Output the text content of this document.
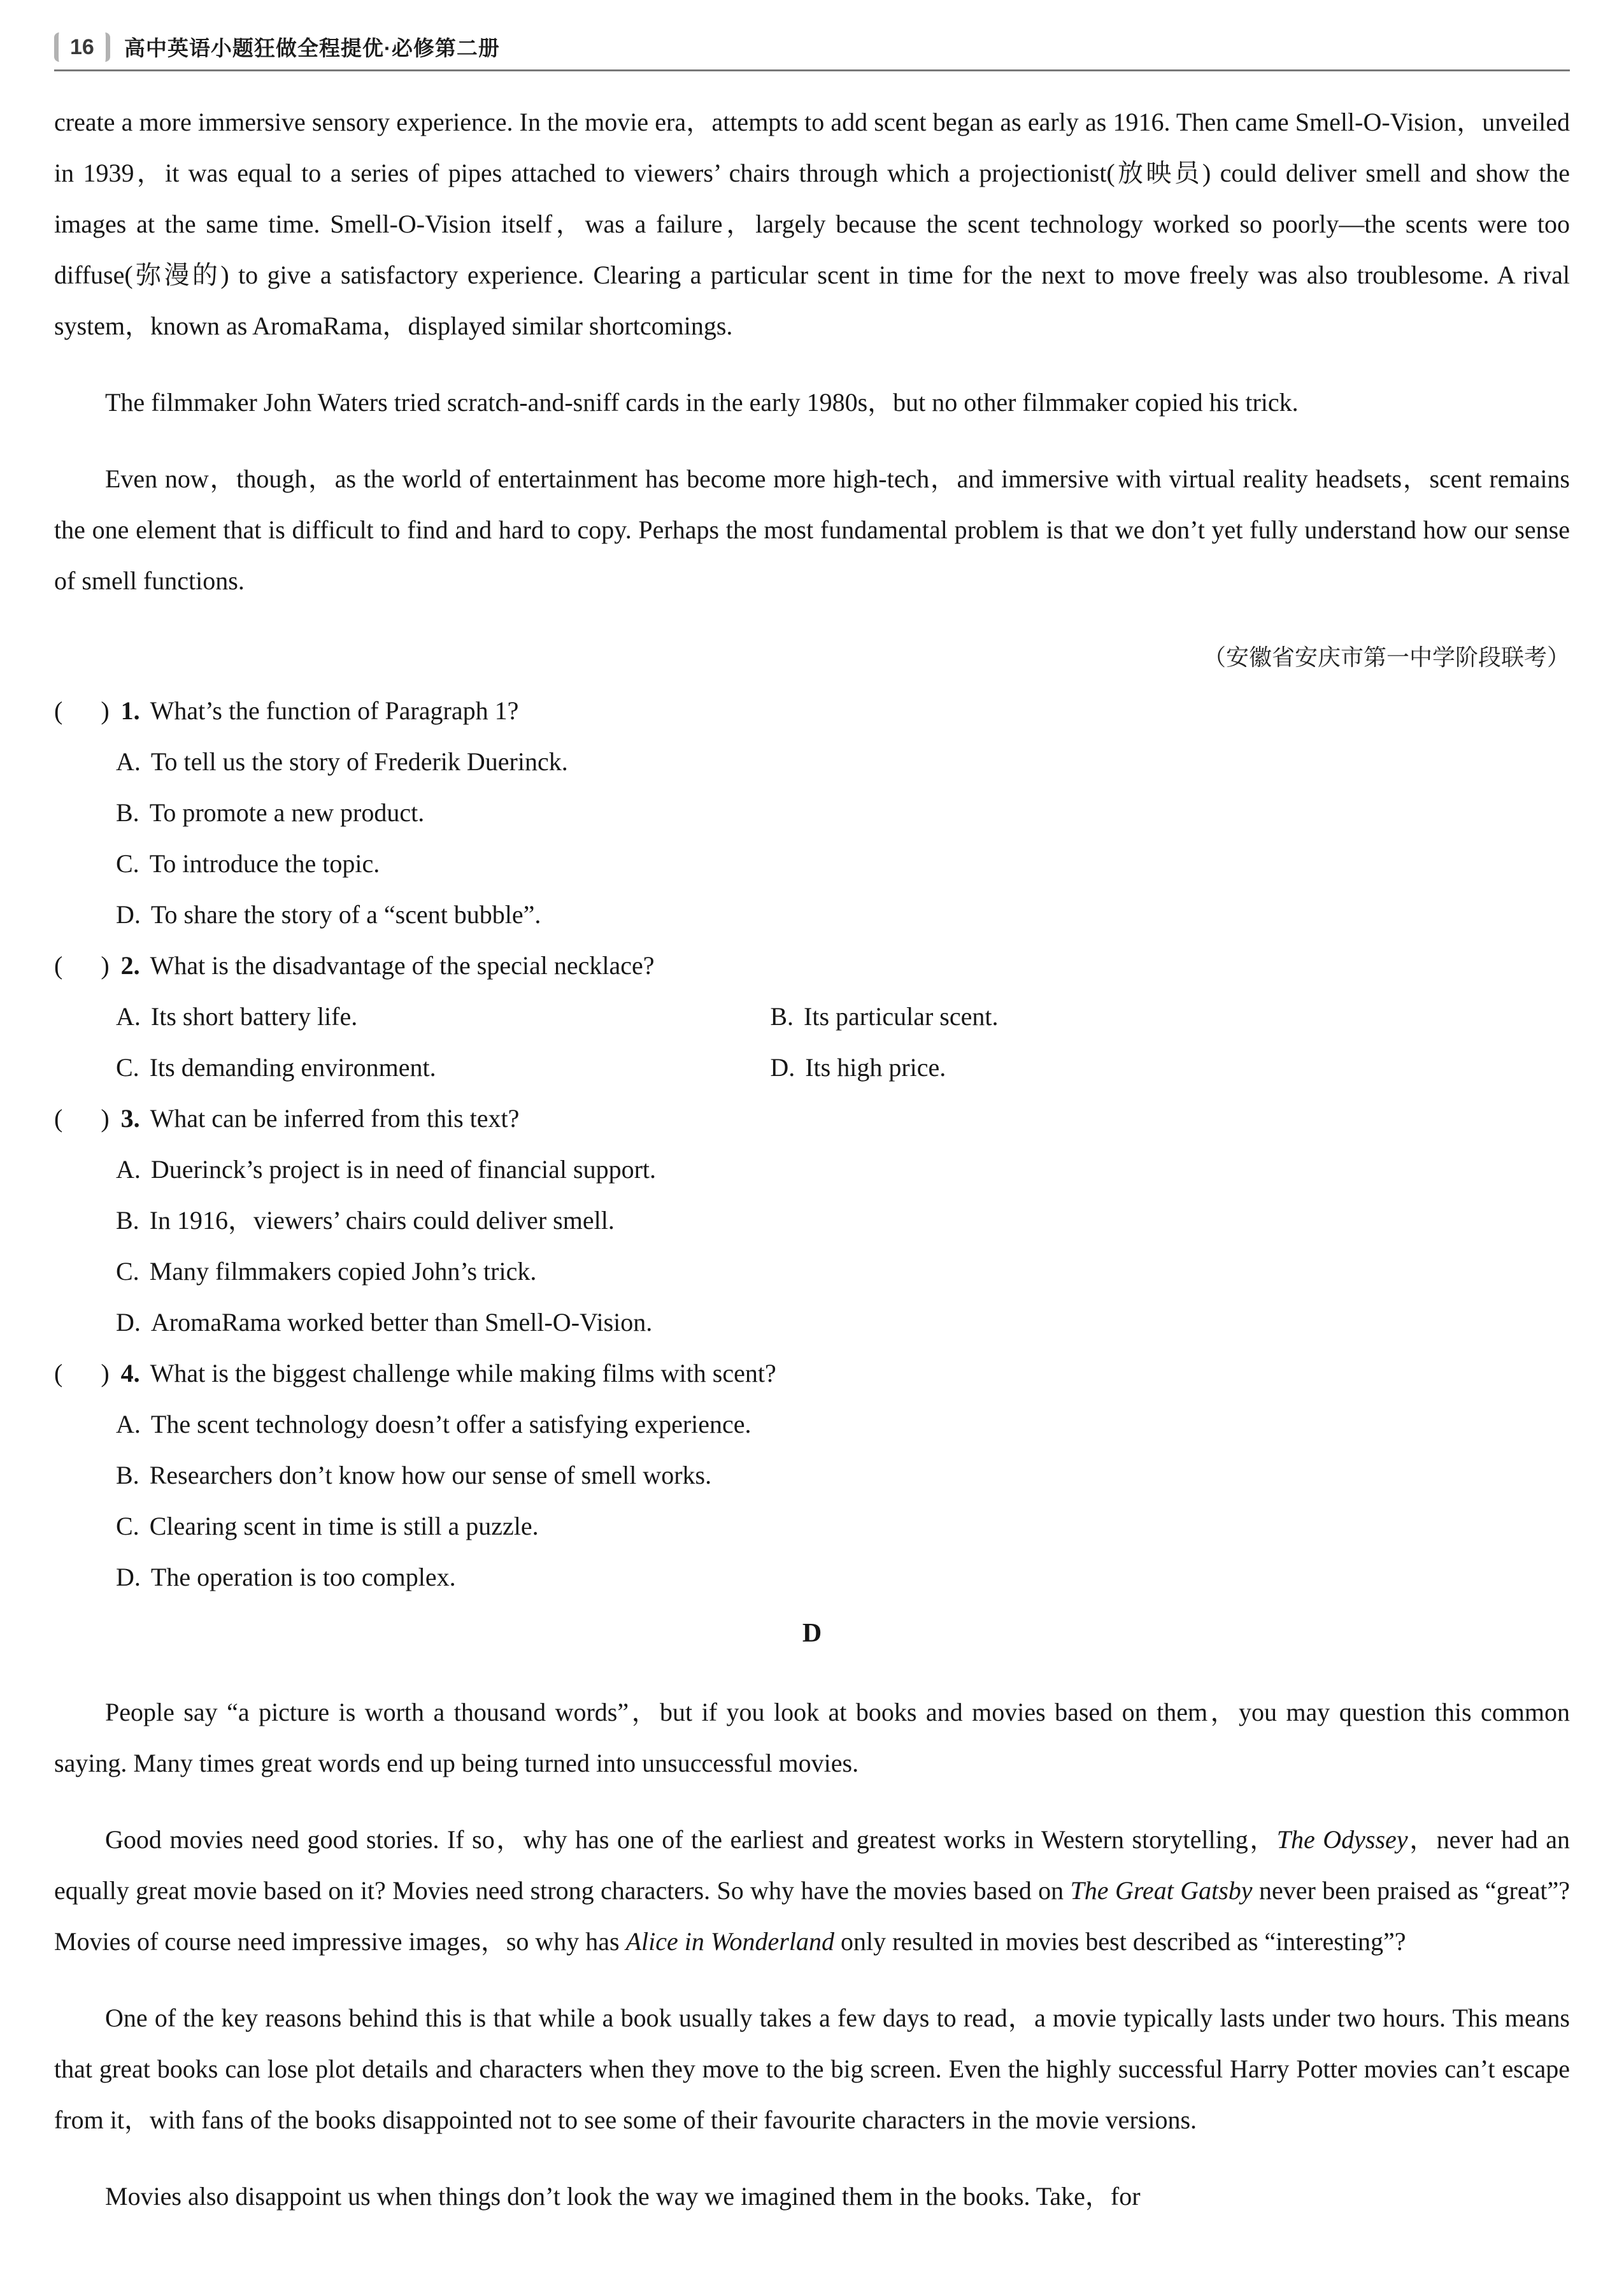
16	高中英语小题狂做全程提优·必修第二册

create a more immersive sensory experience. In the movie era，attempts to add scent began as early as 1916. Then came Smell-O-Vision，unveiled in 1939，it was equal to a series of pipes attached to viewers’ chairs through which a projectionist(放映员) could deliver smell and show the images at the same time. Smell-O-Vision itself，was a failure，largely because the scent technology worked so poorly—the scents were too diffuse(弥漫的) to give a satisfactory experience. Clearing a particular scent in time for the next to move freely was also troublesome. A rival system，known as AromaRama，displayed similar shortcomings.

The filmmaker John Waters tried scratch-and-sniff cards in the early 1980s，but no other filmmaker copied his trick.

Even now，though，as the world of entertainment has become more high-tech，and immersive with virtual reality headsets，scent remains the one element that is difficult to find and hard to copy. Perhaps the most fundamental problem is that we don’t yet fully understand how our sense of smell functions.

（安徽省安庆市第一中学阶段联考）
(   ) 1. What’s the function of Paragraph 1?
A. To tell us the story of Frederik Duerinck.
B. To promote a new product.
C. To introduce the topic.
D. To share the story of a “scent bubble”.
(   ) 2. What is the disadvantage of the special necklace?
A. Its short battery life.	B. Its particular scent.
C. Its demanding environment.	D. Its high price.
(   ) 3. What can be inferred from this text?
A. Duerinck’s project is in need of financial support.
B. In 1916，viewers’ chairs could deliver smell.
C. Many filmmakers copied John’s trick.
D. AromaRama worked better than Smell-O-Vision.
(   ) 4. What is the biggest challenge while making films with scent?
A. The scent technology doesn’t offer a satisfying experience.
B. Researchers don’t know how our sense of smell works.
C. Clearing scent in time is still a puzzle.
D. The operation is too complex.
D

People say “a picture is worth a thousand words”，but if you look at books and movies based on them，you may question this common saying. Many times great words end up being turned into unsuccessful movies.

Good movies need good stories. If so，why has one of the earliest and greatest works in Western storytelling，The Odyssey，never had an equally great movie based on it? Movies need strong characters. So why have the movies based on The Great Gatsby never been praised as “great”? Movies of course need impressive images，so why has Alice in Wonderland only resulted in movies best described as “interesting”?

One of the key reasons behind this is that while a book usually takes a few days to read，a movie typically lasts under two hours. This means that great books can lose plot details and characters when they move to the big screen. Even the highly successful Harry Potter movies can’t escape from it，with fans of the books disappointed not to see some of their favourite characters in the movie versions.

Movies also disappoint us when things don’t look the way we imagined them in the books. Take，for
